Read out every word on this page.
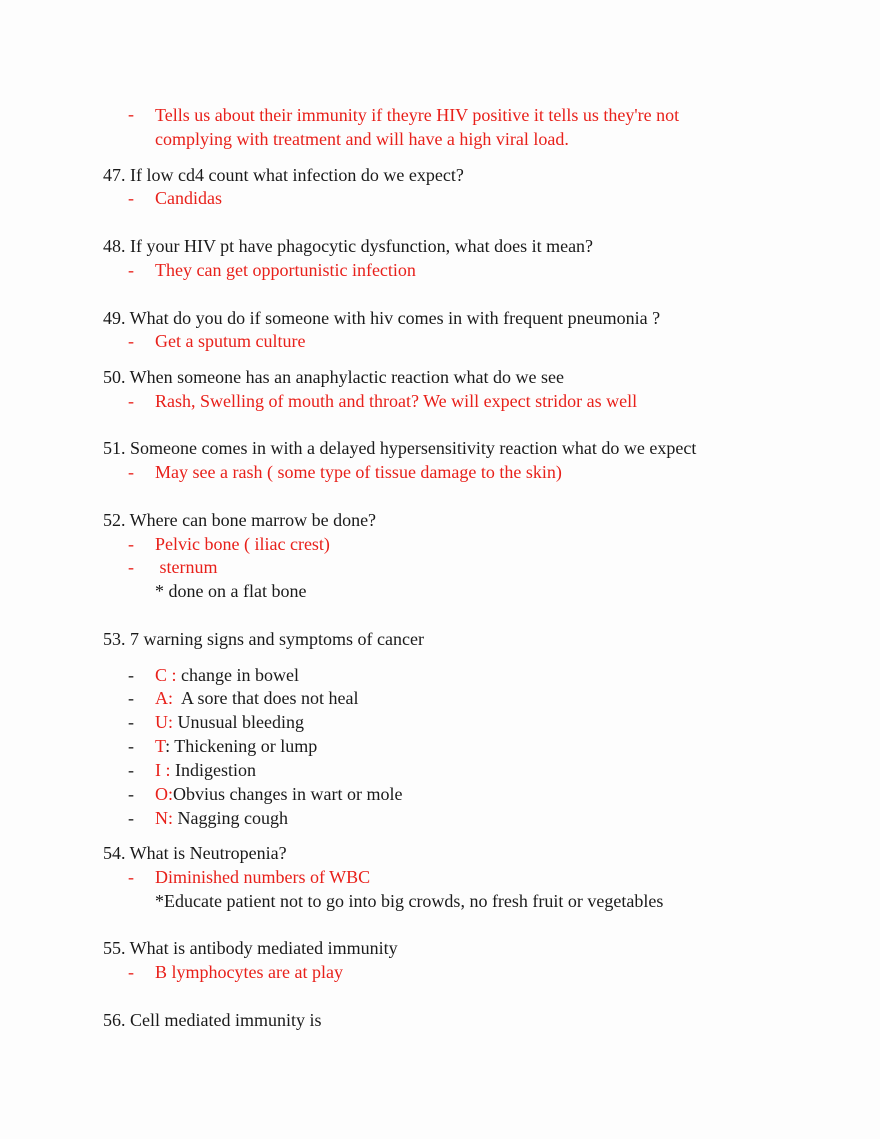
- Tells us about their immunity if theyre HIV positive it tells us they're not
complying with treatment and will have a high viral load.
47. If low cd4 count what infection do we expect?
- Candidas
48. If your HIV pt have phagocytic dysfunction, what does it mean?
- They can get opportunistic infection
49. What do you do if someone with hiv comes in with frequent pneumonia ?
- Get a sputum culture
50. When someone has an anaphylactic reaction what do we see
- Rash, Swelling of mouth and throat? We will expect stridor as well
51. Someone comes in with a delayed hypersensitivity reaction what do we expect
- May see a rash ( some type of tissue damage to the skin)
52. Where can bone marrow be done?
- Pelvic bone ( iliac crest)
- sternum
* done on a flat bone
53. 7 warning signs and symptoms of cancer
- C : change in bowel
- A:  A sore that does not heal
- U: Unusual bleeding
- T: Thickening or lump
- I : Indigestion
- O:Obvius changes in wart or mole
- N: Nagging cough
54. What is Neutropenia?
- Diminished numbers of WBC
*Educate patient not to go into big crowds, no fresh fruit or vegetables
55. What is antibody mediated immunity
- B lymphocytes are at play
56. Cell mediated immunity is
